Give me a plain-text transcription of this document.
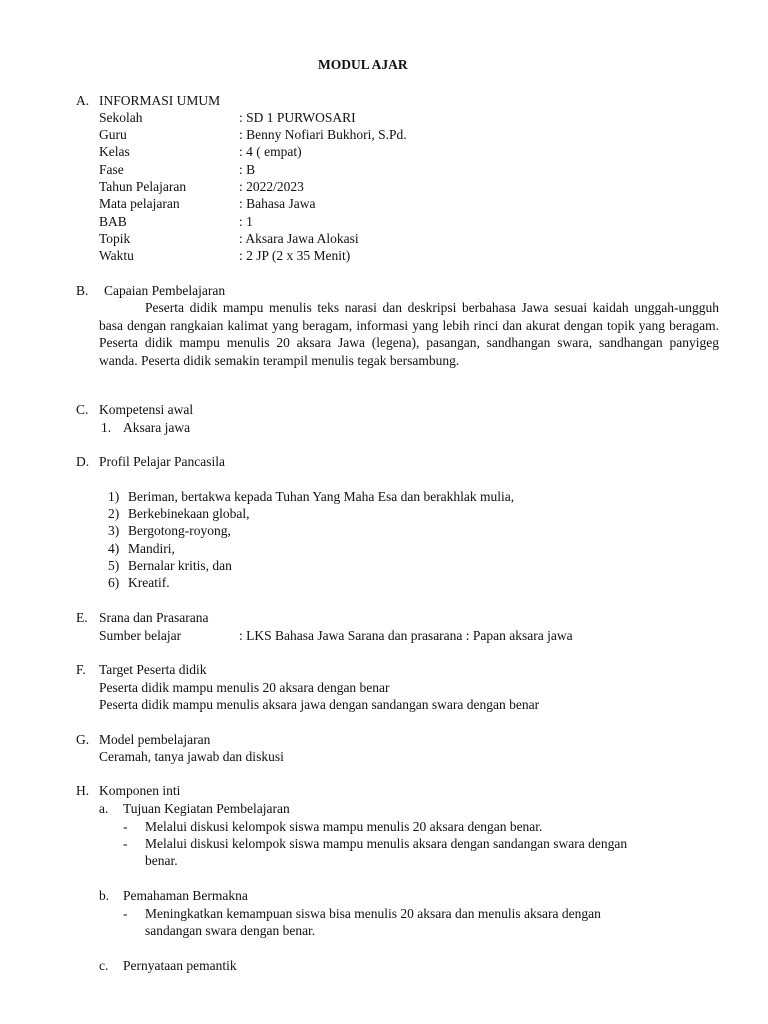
MODUL AJAR
A. INFORMASI UMUM
Sekolah	: SD 1 PURWOSARI
Guru	: Benny Nofiari Bukhori, S.Pd.
Kelas	: 4 ( empat)
Fase	: B
Tahun Pelajaran	: 2022/2023
Mata pelajaran	: Bahasa Jawa
BAB	: 1
Topik	: Aksara Jawa Alokasi
Waktu	: 2 JP (2 x 35 Menit)
B. Capaian Pembelajaran
Peserta didik mampu menulis teks narasi dan deskripsi berbahasa Jawa sesuai kaidah unggah-ungguh basa dengan rangkaian kalimat yang beragam, informasi yang lebih rinci dan akurat dengan topik yang beragam. Peserta didik mampu menulis 20 aksara Jawa (legena), pasangan, sandhangan swara, sandhangan panyigeg wanda. Peserta didik semakin terampil menulis tegak bersambung.
C. Kompetensi awal
1. Aksara jawa
D. Profil Pelajar Pancasila
1) Beriman, bertakwa kepada Tuhan Yang Maha Esa dan berakhlak mulia,
2) Berkebinekaan global,
3) Bergotong-royong,
4) Mandiri,
5) Bernalar kritis, dan
6) Kreatif.
E. Srana dan Prasarana
Sumber belajar	: LKS Bahasa Jawa Sarana dan prasarana : Papan aksara jawa
F. Target Peserta didik
Peserta didik mampu menulis 20 aksara dengan benar
Peserta didik mampu menulis aksara jawa dengan sandangan swara dengan benar
G. Model pembelajaran
Ceramah, tanya jawab dan diskusi
H. Komponen inti
a. Tujuan Kegiatan Pembelajaran
- Melalui diskusi kelompok siswa mampu menulis 20 aksara dengan benar.
- Melalui diskusi kelompok siswa mampu menulis aksara dengan sandangan swara dengan
benar.
b. Pemahaman Bermakna
- Meningkatkan kemampuan siswa bisa menulis 20 aksara dan menulis aksara dengan
sandangan swara dengan benar.
c. Pernyataan pemantik
